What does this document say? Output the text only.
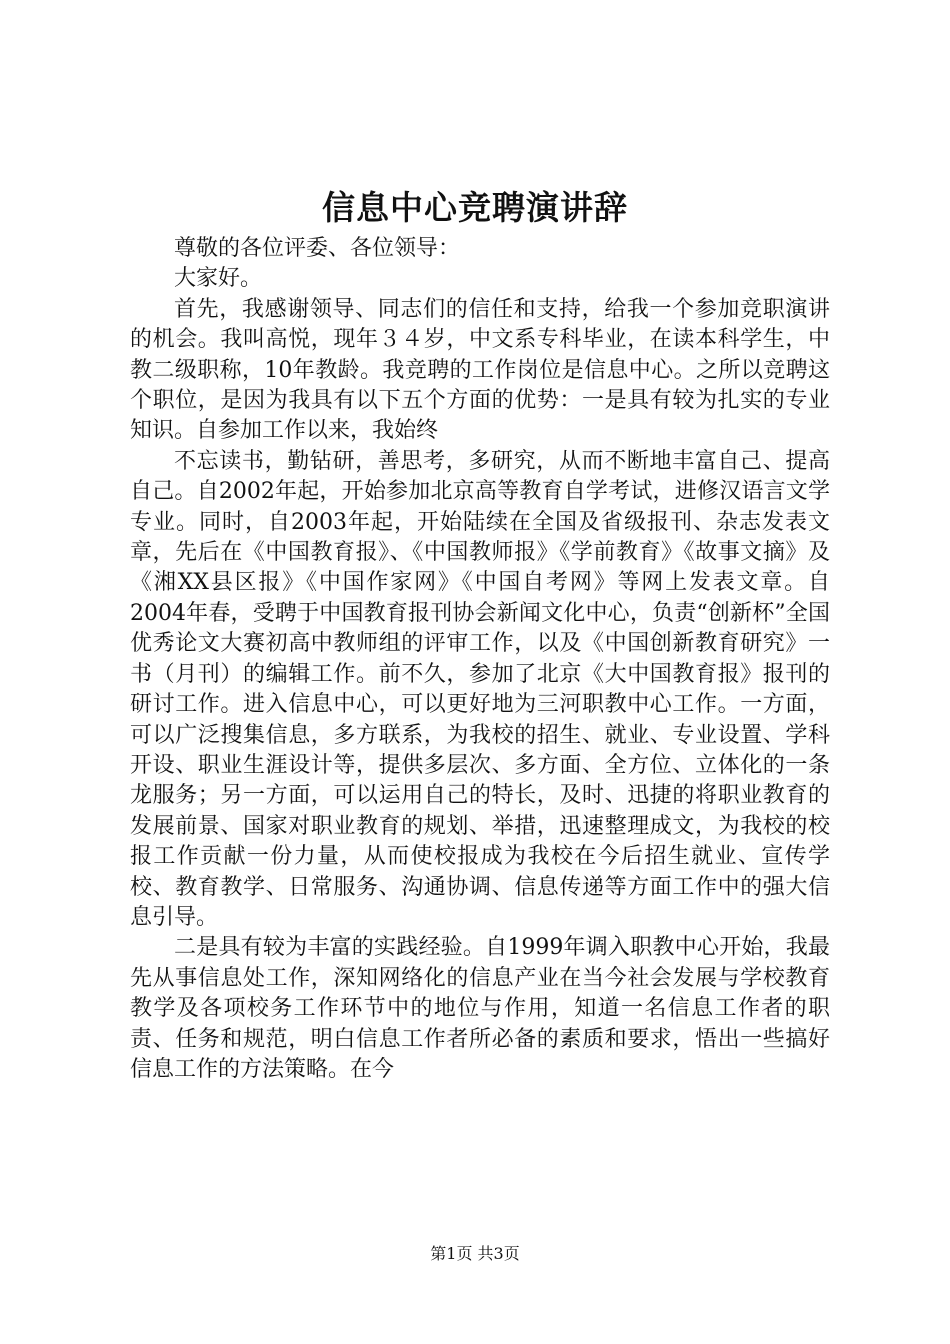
信息中心竞聘演讲辞

尊敬的各位评委、各位领导：

大家好。

首先，我感谢领导、同志们的信任和支持，给我一个参加竞职演讲的机会。我叫高悦，现年３４岁，中文系专科毕业，在读本科学生，中教二级职称，10年教龄。我竞聘的工作岗位是信息中心。之所以竞聘这个职位，是因为我具有以下五个方面的优势：一是具有较为扎实的专业知识。自参加工作以来，我始终

不忘读书，勤钻研，善思考，多研究，从而不断地丰富自己、提高自己。自2002年起，开始参加北京高等教育自学考试，进修汉语言文学专业。同时，自2003年起，开始陆续在全国及省级报刊、杂志发表文章，先后在《中国教育报》、《中国教师报》《学前教育》《故事文摘》及《湘XX县区报》《中国作家网》《中国自考网》等网上发表文章。自2004年春，受聘于中国教育报刊协会新闻文化中心，负责“创新杯”全国优秀论文大赛初高中教师组的评审工作，以及《中国创新教育研究》一书（月刊）的编辑工作。前不久，参加了北京《大中国教育报》报刊的研讨工作。进入信息中心，可以更好地为三河职教中心工作。一方面，可以广泛搜集信息，多方联系，为我校的招生、就业、专业设置、学科开设、职业生涯设计等，提供多层次、多方面、全方位、立体化的一条龙服务；另一方面，可以运用自己的特长，及时、迅捷的将职业教育的发展前景、国家对职业教育的规划、举措，迅速整理成文，为我校的校报工作贡献一份力量，从而使校报成为我校在今后招生就业、宣传学校、教育教学、日常服务、沟通协调、信息传递等方面工作中的强大信息引导。

二是具有较为丰富的实践经验。自1999年调入职教中心开始，我最先从事信息处工作，深知网络化的信息产业在当今社会发展与学校教育教学及各项校务工作环节中的地位与作用，知道一名信息工作者的职责、任务和规范，明白信息工作者所必备的素质和要求，悟出一些搞好信息工作的方法策略。在今

第1页 共3页
